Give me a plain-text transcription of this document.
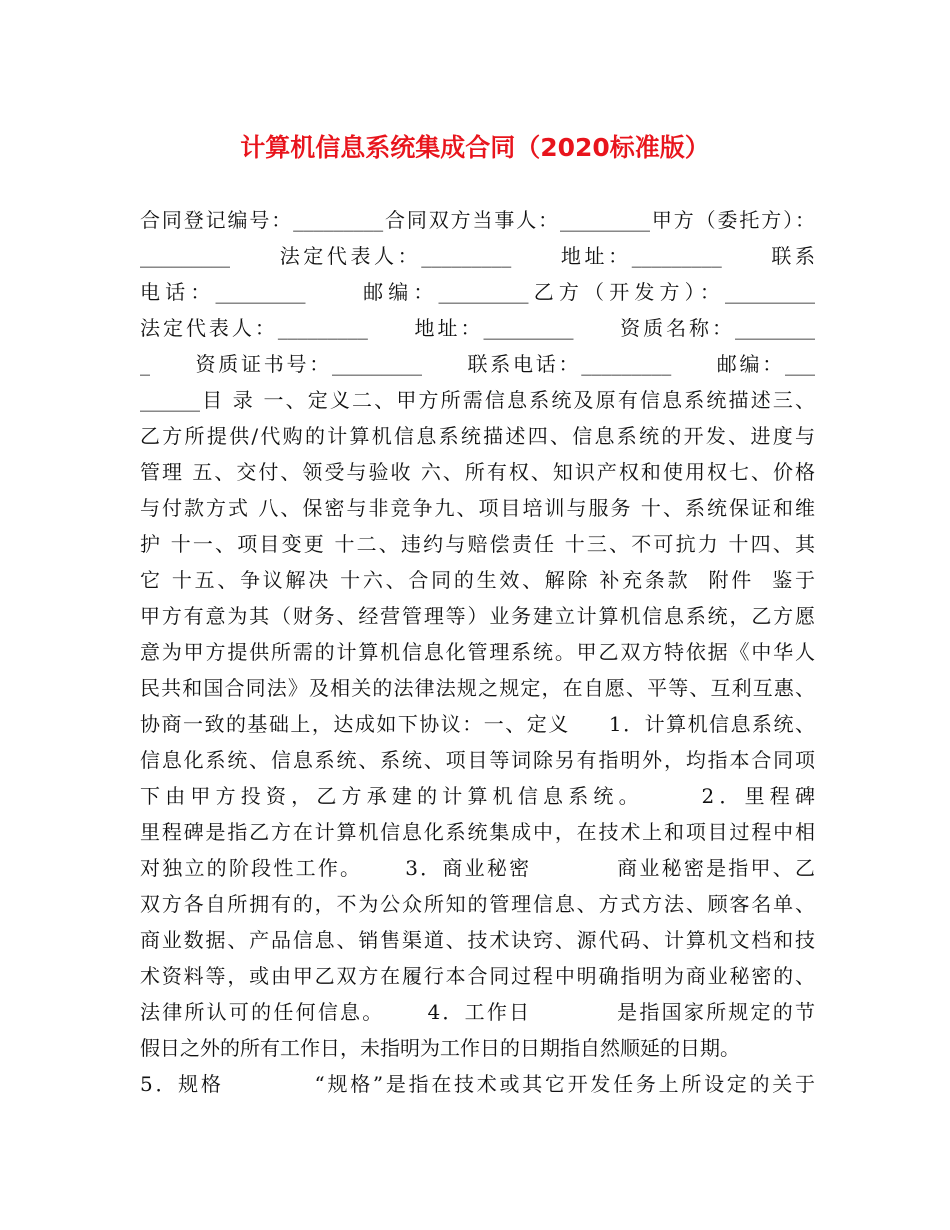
计算机信息系统集成合同（2020标准版）
合同登记编号：_________合同双方当事人：_________甲方（委托方）：
_________     法定代表人：_________     地址：_________     联系
电话：_________     邮编：_________乙方（开发方）：_________
法定代表人：_________     地址：_________     资质名称：________
_     资质证书号：_________     联系电话：_________     邮编：___
______目 录 一、定义二、甲方所需信息系统及原有信息系统描述三、
乙方所提供/代购的计算机信息系统描述四、信息系统的开发、进度与
管理 五、交付、领受与验收 六、所有权、知识产权和使用权七、价格
与付款方式 八、保密与非竞争九、项目培训与服务 十、系统保证和维
护 十一、项目变更 十二、违约与赔偿责任 十三、不可抗力 十四、其
它 十五、争议解决 十六、合同的生效、解除 补充条款  附件  鉴于
甲方有意为其（财务、经营管理等）业务建立计算机信息系统，乙方愿
意为甲方提供所需的计算机信息化管理系统。甲乙双方特依据《中华人
民共和国合同法》及相关的法律法规之规定，在自愿、平等、互利互惠、
协商一致的基础上，达成如下协议：一、定义     1．计算机信息系统、
信息化系统、信息系统、系统、项目等词除另有指明外，均指本合同项
下由甲方投资，乙方承建的计算机信息系统。     2．里程碑
里程碑是指乙方在计算机信息化系统集成中，在技术上和项目过程中相
对独立的阶段性工作。     3．商业秘密          商业秘密是指甲、乙
双方各自所拥有的，不为公众所知的管理信息、方式方法、顾客名单、
商业数据、产品信息、销售渠道、技术诀窍、源代码、计算机文档和技
术资料等，或由甲乙双方在履行本合同过程中明确指明为商业秘密的、
法律所认可的任何信息。     4．工作日          是指国家所规定的节
假日之外的所有工作日，未指明为工作日的日期指自然顺延的日期。
5．规格          “规格”是指在技术或其它开发任务上所设定的关于
